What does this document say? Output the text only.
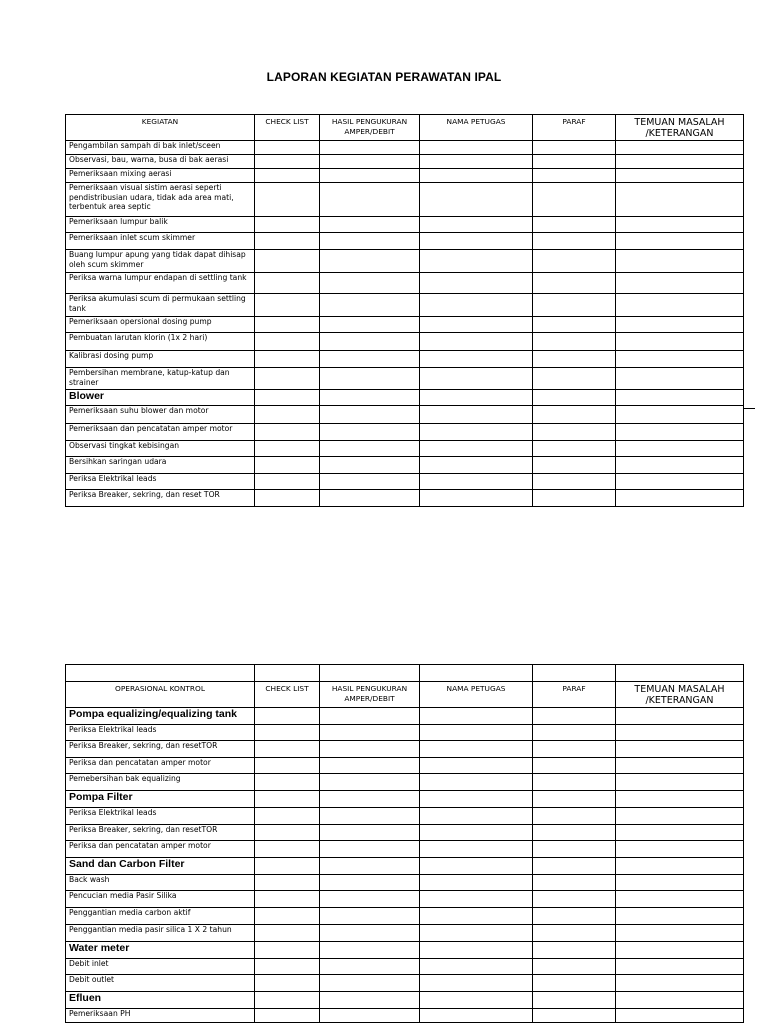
LAPORAN KEGIATAN PERAWATAN IPAL
KEGIATAN	CHECK LIST	HASIL PENGUKURAN AMPER/DEBIT	NAMA PETUGAS	PARAF	TEMUAN MASALAH /KETERANGAN
Pengambilan sampah di bak inlet/sceen					
Observasi, bau, warna, busa di bak aerasi					
Pemeriksaan mixing aerasi					
Pemeriksaan visual sistim aerasi seperti pendistribusian udara, tidak ada area mati, terbentuk area septic					
Pemeriksaan lumpur balik					
Pemeriksaan inlet scum skimmer					
Buang lumpur apung yang tidak dapat dihisap oleh scum skimmer					
Periksa warna lumpur endapan di settling tank					
Periksa akumulasi scum di permukaan settling tank					
Pemeriksaan opersional dosing pump					
Pembuatan larutan klorin (1x 2 hari)					
Kalibrasi dosing pump					
Pembersihan membrane, katup-katup dan strainer					
Blower					
Pemeriksaan suhu blower dan motor					
Pemeriksaan dan pencatatan amper motor					
Observasi tingkat kebisingan					
Bersihkan saringan udara					
Periksa Elektrikal leads					
Periksa Breaker, sekring, dan reset TOR					

OPERASIONAL KONTROL	CHECK LIST	HASIL PENGUKURAN AMPER/DEBIT	NAMA PETUGAS	PARAF	TEMUAN MASALAH /KETERANGAN
Pompa equalizing/equalizing tank					
Periksa Elektrikal leads					
Periksa Breaker, sekring, dan resetTOR					
Periksa dan pencatatan amper motor					
Pemebersihan bak equalizing					
Pompa Filter					
Periksa Elektrikal leads					
Periksa Breaker, sekring, dan resetTOR					
Periksa dan pencatatan amper motor					
Sand dan Carbon Filter					
Back wash					
Pencucian media Pasir Silika					
Penggantian media carbon aktif					
Penggantian media pasir silica 1 X 2 tahun					
Water meter					
Debit inlet					
Debit outlet					
Efluen					
Pemeriksaan PH					
